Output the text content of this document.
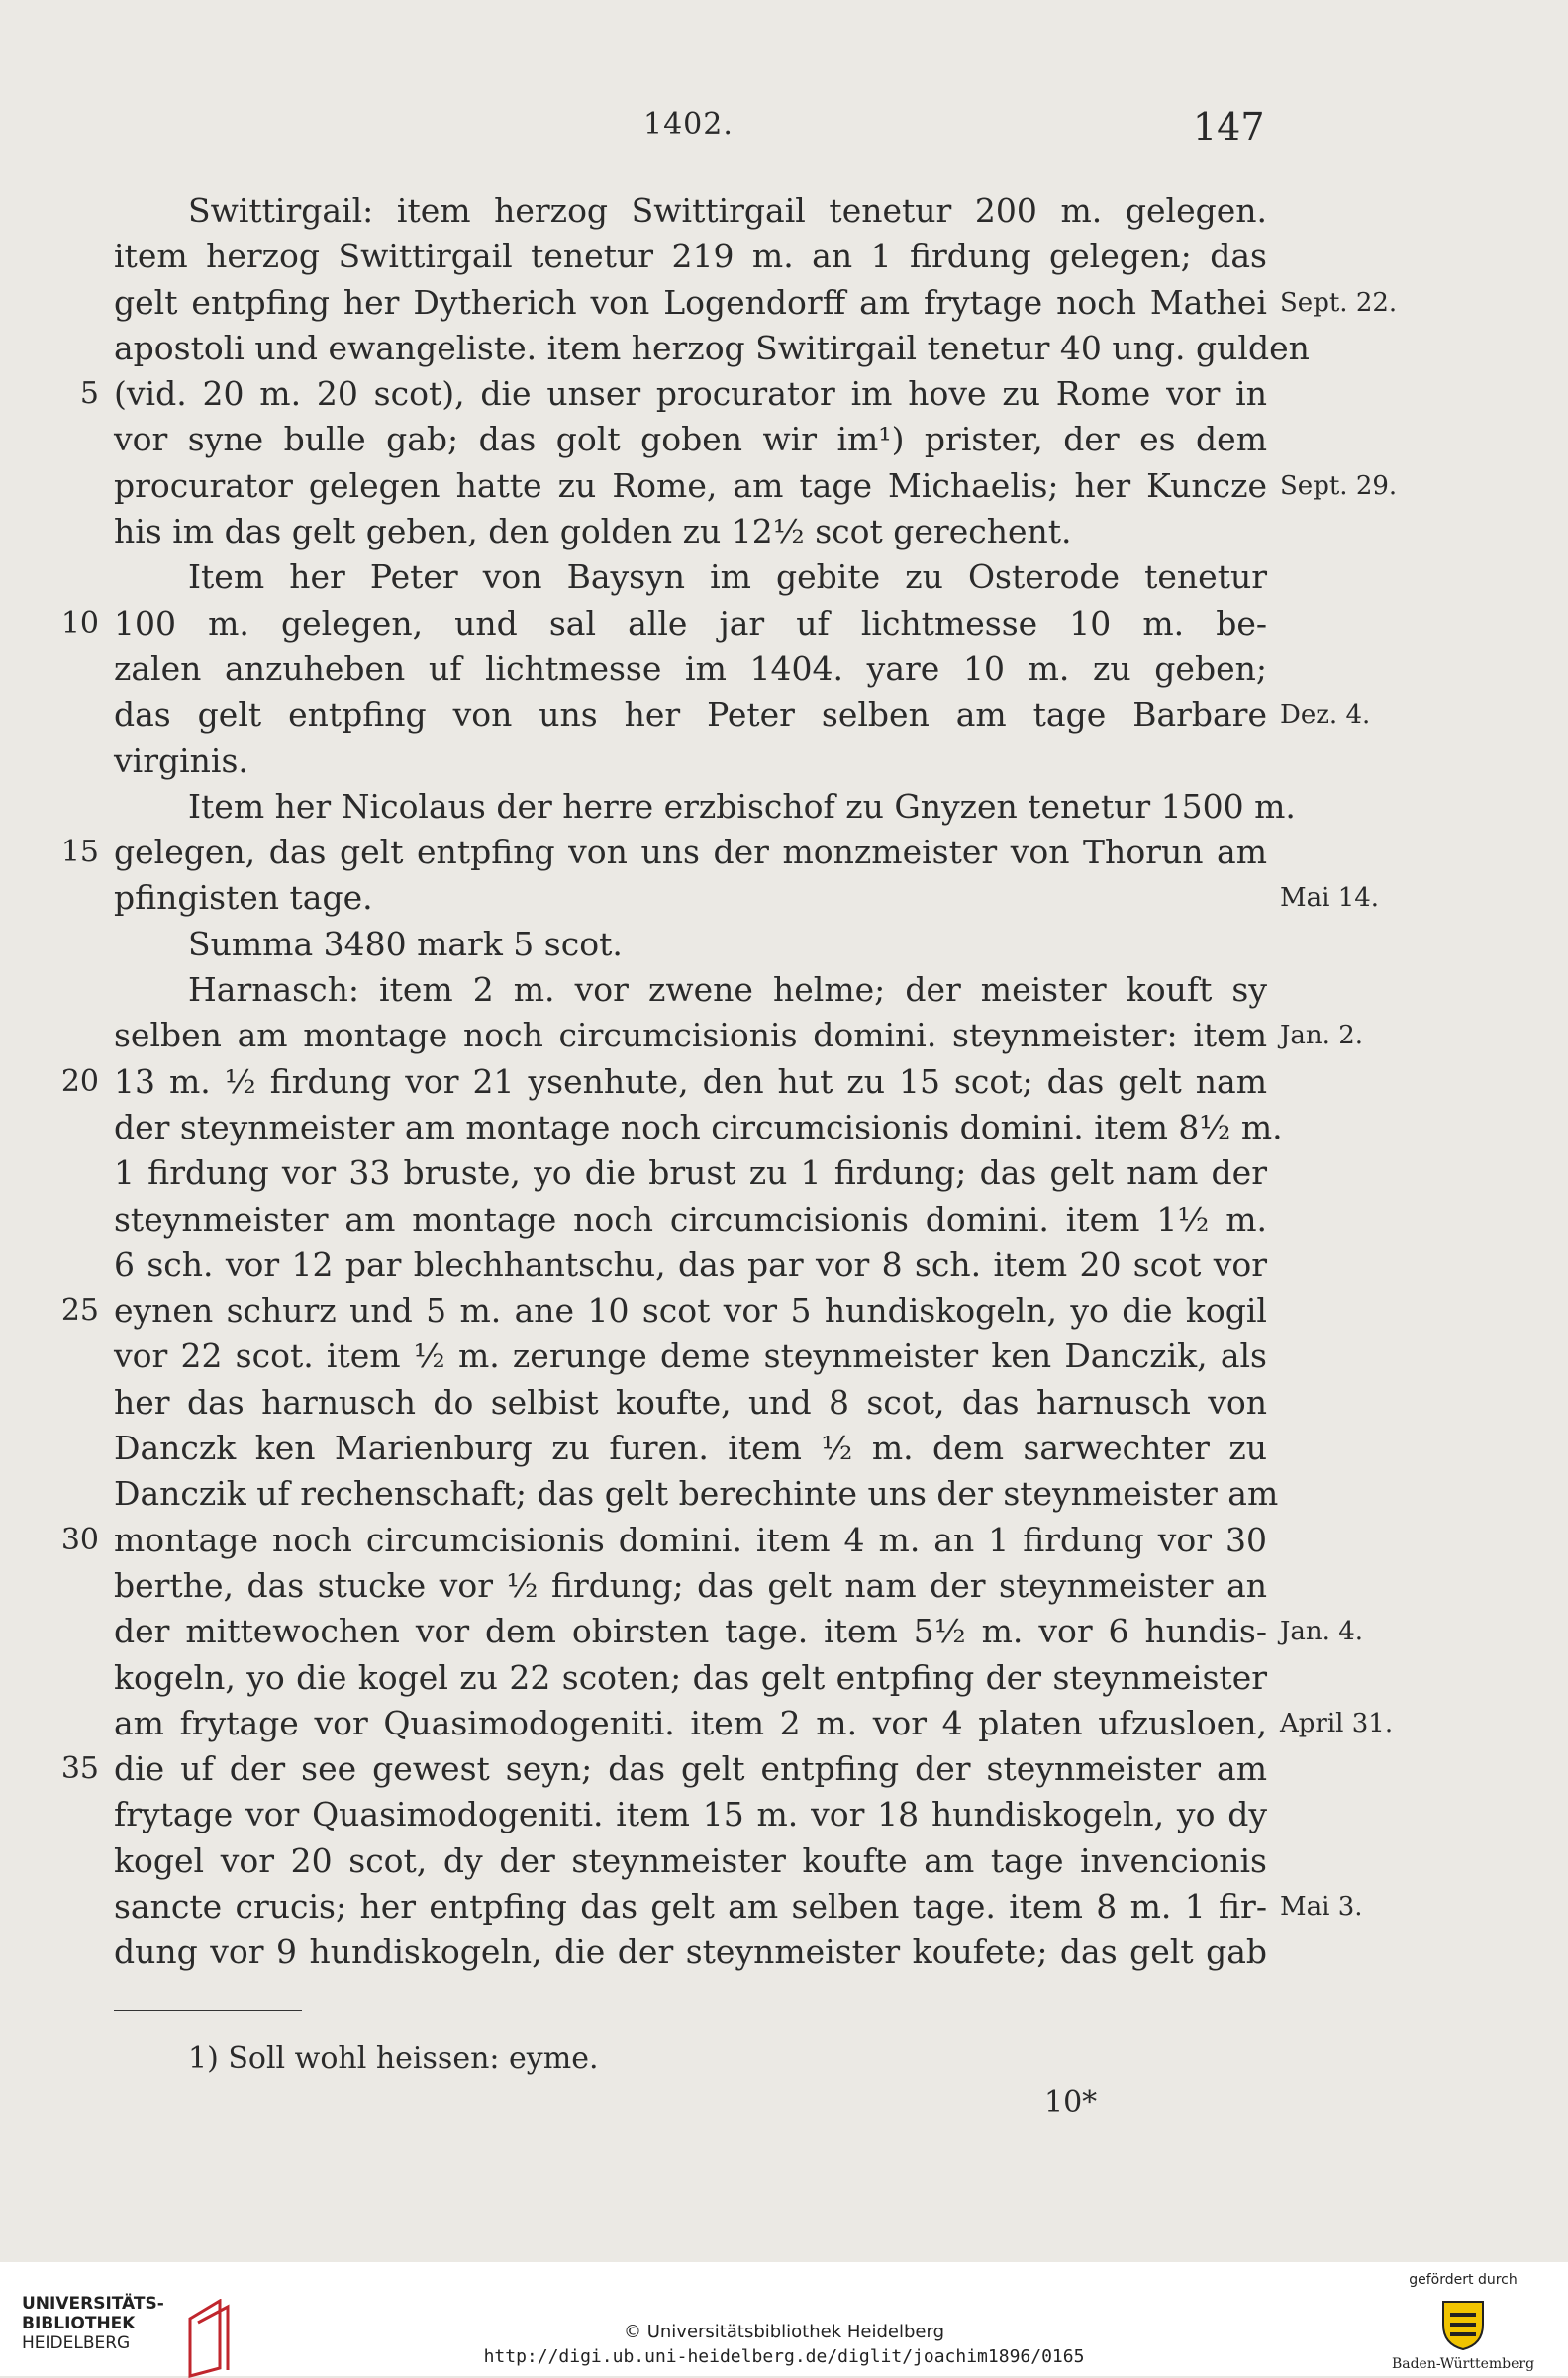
1402.	147
Swittirgail: item herzog Swittirgail tenetur 200 m. gelegen.
item herzog Swittirgail tenetur 219 m. an 1 firdung gelegen; das
gelt entpfing her Dytherich von Logendorff am frytage noch Mathei Sept. 22.
apostoli und ewangeliste. item herzog Switirgail tenetur 40 ung. gulden
(vid. 20 m. 20 scot), die unser procurator im hove zu Rome vor in
5
vor syne bulle gab; das golt goben wir im¹) prister, der es dem
procurator gelegen hatte zu Rome, am tage Michaelis; her Kuncze Sept. 29.
his im das gelt geben, den golden zu 12½ scot gerechent.
Item her Peter von Baysyn im gebite zu Osterode tenetur
100 m. gelegen, und sal alle jar uf lichtmesse 10 m. be-
10
zalen anzuheben uf lichtmesse im 1404. yare 10 m. zu geben;
das gelt entpfing von uns her Peter selben am tage Barbare Dez. 4.
virginis.
Item her Nicolaus der herre erzbischof zu Gnyzen tenetur 1500 m.
gelegen, das gelt entpfing von uns der monzmeister von Thorun am
15
pfingisten tage.	Mai 14.
Summa 3480 mark 5 scot.
Harnasch: item 2 m. vor zwene helme; der meister kouft sy
selben am montage noch circumcisionis domini. steynmeister: item Jan. 2.
13 m. ½ firdung vor 21 ysenhute, den hut zu 15 scot; das gelt nam
20
der steynmeister am montage noch circumcisionis domini. item 8½ m.
1 firdung vor 33 bruste, yo die brust zu 1 firdung; das gelt nam der
steynmeister am montage noch circumcisionis domini. item 1½ m.
6 sch. vor 12 par blechhantschu, das par vor 8 sch. item 20 scot vor
eynen schurz und 5 m. ane 10 scot vor 5 hundiskogeln, yo die kogil
25
vor 22 scot. item ½ m. zerunge deme steynmeister ken Danczik, als
her das harnusch do selbist koufte, und 8 scot, das harnusch von
Danczk ken Marienburg zu furen. item ½ m. dem sarwechter zu
Danczik uf rechenschaft; das gelt berechinte uns der steynmeister am
montage noch circumcisionis domini. item 4 m. an 1 firdung vor 30
30
berthe, das stucke vor ½ firdung; das gelt nam der steynmeister an
der mittewochen vor dem obirsten tage. item 5½ m. vor 6 hundis- Jan. 4.
kogeln, yo die kogel zu 22 scoten; das gelt entpfing der steynmeister
am frytage vor Quasimodogeniti. item 2 m. vor 4 platen ufzusloen, April 31.
die uf der see gewest seyn; das gelt entpfing der steynmeister am
35
frytage vor Quasimodogeniti. item 15 m. vor 18 hundiskogeln, yo dy
kogel vor 20 scot, dy der steynmeister koufte am tage invencionis
sancte crucis; her entpfing das gelt am selben tage. item 8 m. 1 fir- Mai 3.
dung vor 9 hundiskogeln, die der steynmeister koufete; das gelt gab
1) Soll wohl heissen: eyme.
10*
UNIVERSITÄTS-
BIBLIOTHEK
HEIDELBERG
© Universitätsbibliothek Heidelberg
http://digi.ub.uni-heidelberg.de/diglit/joachim1896/0165
gefördert durch
Baden-Württemberg
